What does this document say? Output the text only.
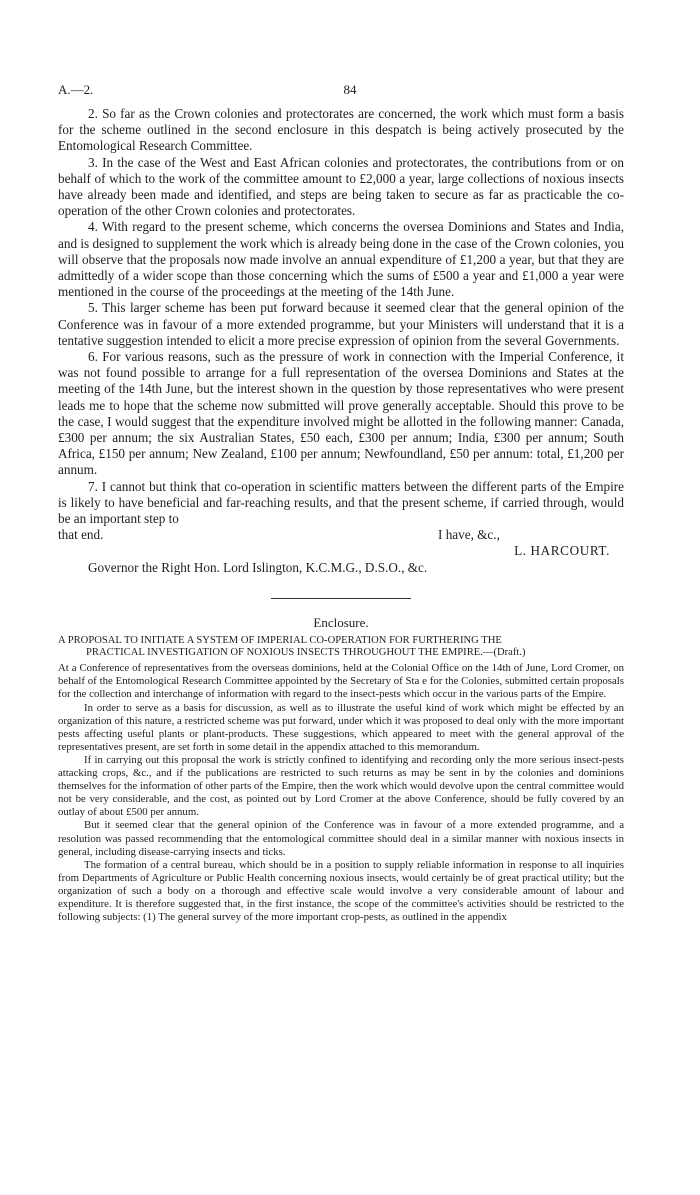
A.—2.	84

2. So far as the Crown colonies and protectorates are concerned, the work which must form a basis for the scheme outlined in the second enclosure in this despatch is being actively prosecuted by the Entomological Research Committee.

3. In the case of the West and East African colonies and protectorates, the contributions from or on behalf of which to the work of the committee amount to £2,000 a year, large collections of noxious insects have already been made and identified, and steps are being taken to secure as far as practicable the co-operation of the other Crown colonies and protectorates.

4. With regard to the present scheme, which concerns the oversea Dominions and States and India, and is designed to supplement the work which is already being done in the case of the Crown colonies, you will observe that the proposals now made involve an annual expenditure of £1,200 a year, but that they are admittedly of a wider scope than those concerning which the sums of £500 a year and £1,000 a year were mentioned in the course of the proceedings at the meeting of the 14th June.

5. This larger scheme has been put forward because it seemed clear that the general opinion of the Conference was in favour of a more extended programme, but your Ministers will understand that it is a tentative suggestion intended to elicit a more precise expression of opinion from the several Governments.

6. For various reasons, such as the pressure of work in connection with the Imperial Conference, it was not found possible to arrange for a full representation of the oversea Dominions and States at the meeting of the 14th June, but the interest shown in the question by those representatives who were present leads me to hope that the scheme now submitted will prove generally acceptable. Should this prove to be the case, I would suggest that the expenditure involved might be allotted in the following manner: Canada, £300 per annum; the six Australian States, £50 each, £300 per annum; India, £300 per annum; South Africa, £150 per annum; New Zealand, £100 per annum; Newfoundland, £50 per annum: total, £1,200 per annum.

7. I cannot but think that co-operation in scientific matters between the different parts of the Empire is likely to have beneficial and far-reaching results, and that the present scheme, if carried through, would be an important step to

that end.	I have, &c.,
L. HARCOURT.

Governor the Right Hon. Lord Islington, K.C.M.G., D.S.O., &c.

Enclosure.
A PROPOSAL TO INITIATE A SYSTEM OF IMPERIAL CO-OPERATION FOR FURTHERING THE
PRACTICAL INVESTIGATION OF NOXIOUS INSECTS THROUGHOUT THE EMPIRE.—(Draft.)

At a Conference of representatives from the overseas dominions, held at the Colonial Office on the 14th of June, Lord Cromer, on behalf of the Entomological Research Committee appointed by the Secretary of Sta e for the Colonies, submitted certain proposals for the collection and interchange of information with regard to the insect-pests which occur in the various parts of the Empire.

In order to serve as a basis for discussion, as well as to illustrate the useful kind of work which might be effected by an organization of this nature, a restricted scheme was put forward, under which it was proposed to deal only with the more important pests affecting useful plants or plant-products. These suggestions, which appeared to meet with the general approval of the representatives present, are set forth in some detail in the appendix attached to this memorandum.

If in carrying out this proposal the work is strictly confined to identifying and recording only the more serious insect-pests attacking crops, &c., and if the publications are restricted to such returns as may be sent in by the colonies and dominions themselves for the information of other parts of the Empire, then the work which would devolve upon the central committee would not be very considerable, and the cost, as pointed out by Lord Cromer at the above Conference, should be fully covered by an outlay of about £500 per annum.

But it seemed clear that the general opinion of the Conference was in favour of a more extended programme, and a resolution was passed recommending that the entomological committee should deal in a similar manner with noxious insects in general, including disease-carrying insects and ticks.

The formation of a central bureau, which should be in a position to supply reliable information in response to all inquiries from Departments of Agriculture or Public Health concerning noxious insects, would certainly be of great practical utility; but the organization of such a body on a thorough and effective scale would involve a very considerable amount of labour and expenditure. It is therefore suggested that, in the first instance, the scope of the committee's activities should be restricted to the following subjects: (1) The general survey of the more important crop-pests, as outlined in the appendix
